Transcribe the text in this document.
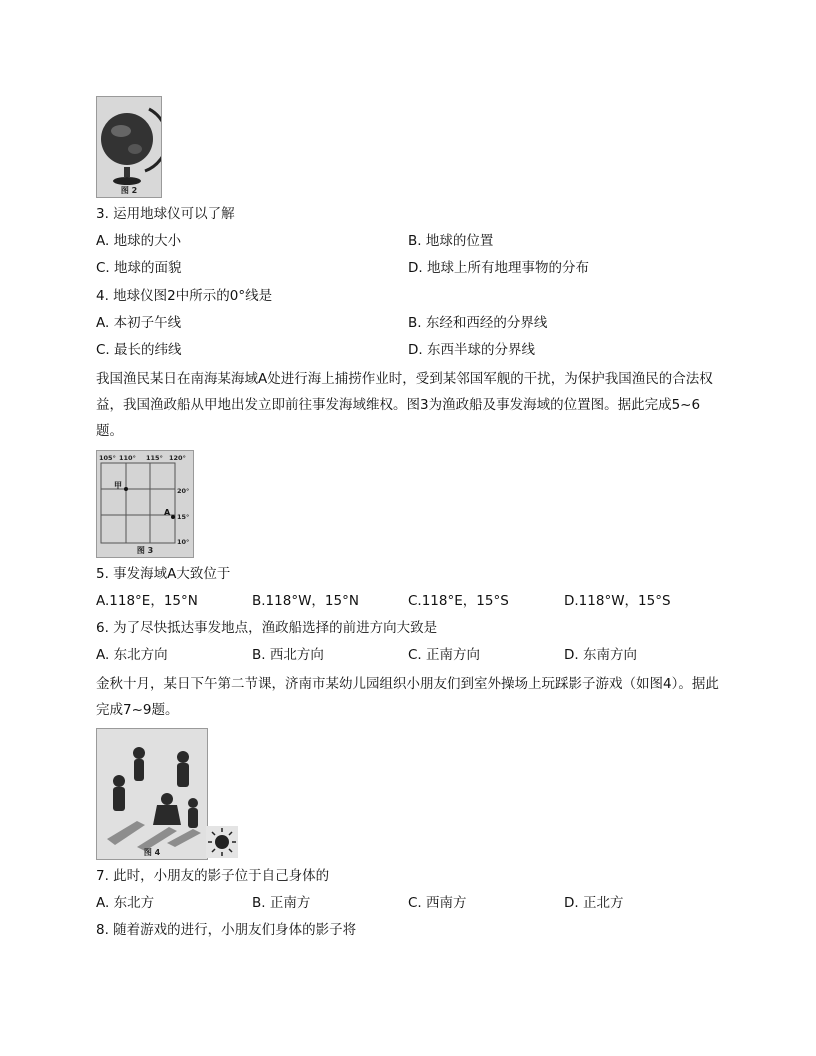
图 2
3. 运用地球仪可以了解
A. 地球的大小	B. 地球的位置
C. 地球的面貌	D. 地球上所有地理事物的分布
4. 地球仪图2中所示的0°线是
A. 本初子午线	B. 东经和西经的分界线
C. 最长的纬线	D. 东西半球的分界线
我国渔民某日在南海某海域A处进行海上捕捞作业时，受到某邻国军舰的干扰，为保护我国渔民的合法权益，我国渔政船从甲地出发立即前往事发海域维权。图3为渔政船及事发海域的位置图。据此完成5~6题。
105° 110° 115° 120°
20°
15°
10°
甲
A
图 3
5. 事发海域A大致位于
A.118°E，15°N	B.118°W，15°N	C.118°E，15°S	D.118°W，15°S
6. 为了尽快抵达事发地点，渔政船选择的前进方向大致是
A. 东北方向	B. 西北方向	C. 正南方向	D. 东南方向
金秋十月，某日下午第二节课，济南市某幼儿园组织小朋友们到室外操场上玩踩影子游戏（如图4）。据此完成7~9题。
图 4
7. 此时，小朋友的影子位于自己身体的
A. 东北方	B. 正南方	C. 西南方	D. 正北方
8. 随着游戏的进行，小朋友们身体的影子将
